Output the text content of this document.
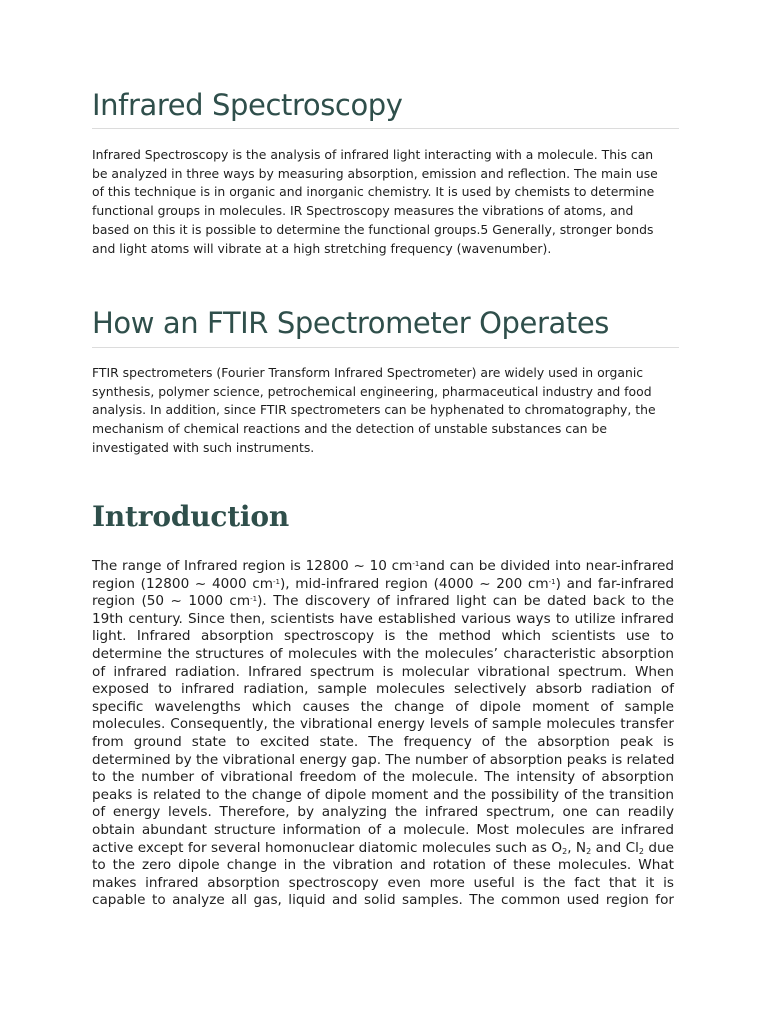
Infrared Spectroscopy
Infrared Spectroscopy is the analysis of infrared light interacting with a molecule. This can
be analyzed in three ways by measuring absorption, emission and reflection. The main use
of this technique is in organic and inorganic chemistry. It is used by chemists to determine
functional groups in molecules. IR Spectroscopy measures the vibrations of atoms, and
based on this it is possible to determine the functional groups.5 Generally, stronger bonds
and light atoms will vibrate at a high stretching frequency (wavenumber).
How an FTIR Spectrometer Operates
FTIR spectrometers (Fourier Transform Infrared Spectrometer) are widely used in organic
synthesis, polymer science, petrochemical engineering, pharmaceutical industry and food
analysis. In addition, since FTIR spectrometers can be hyphenated to chromatography, the
mechanism of chemical reactions and the detection of unstable substances can be
investigated with such instruments.
Introduction
The range of Infrared region is 12800 ~ 10 $cm^{-1}and$ can be divided into near-infrared
region (12800 ~ 4000 $cm^{-1}$), mid-infrared region (4000 ~ 200 $cm^{-1}$) and far-infrared
region (50 ~ 1000 $cm^{-1}$). The discovery of infrared light can be dated back to the
19th century. Since then, scientists have established various ways to utilize infrared
light. Infrared absorption spectroscopy is the method which scientists use to
determine the structures of molecules with the molecules’ characteristic absorption
of infrared radiation. Infrared spectrum is molecular vibrational spectrum. When
exposed to infrared radiation, sample molecules selectively absorb radiation of
specific wavelengths which causes the change of dipole moment of sample
molecules. Consequently, the vibrational energy levels of sample molecules transfer
from ground state to excited state. The frequency of the absorption peak is
determined by the vibrational energy gap. The number of absorption peaks is related
to the number of vibrational freedom of the molecule. The intensity of absorption
peaks is related to the change of dipole moment and the possibility of the transition
of energy levels. Therefore, by analyzing the infrared spectrum, one can readily
obtain abundant structure information of a molecule. Most molecules are infrared
active except for several homonuclear diatomic molecules such as $O_2$, $N_2$ and $Cl_2$ due
to the zero dipole change in the vibration and rotation of these molecules. What
makes infrared absorption spectroscopy even more useful is the fact that it is
capable to analyze all gas, liquid and solid samples. The common used region for
